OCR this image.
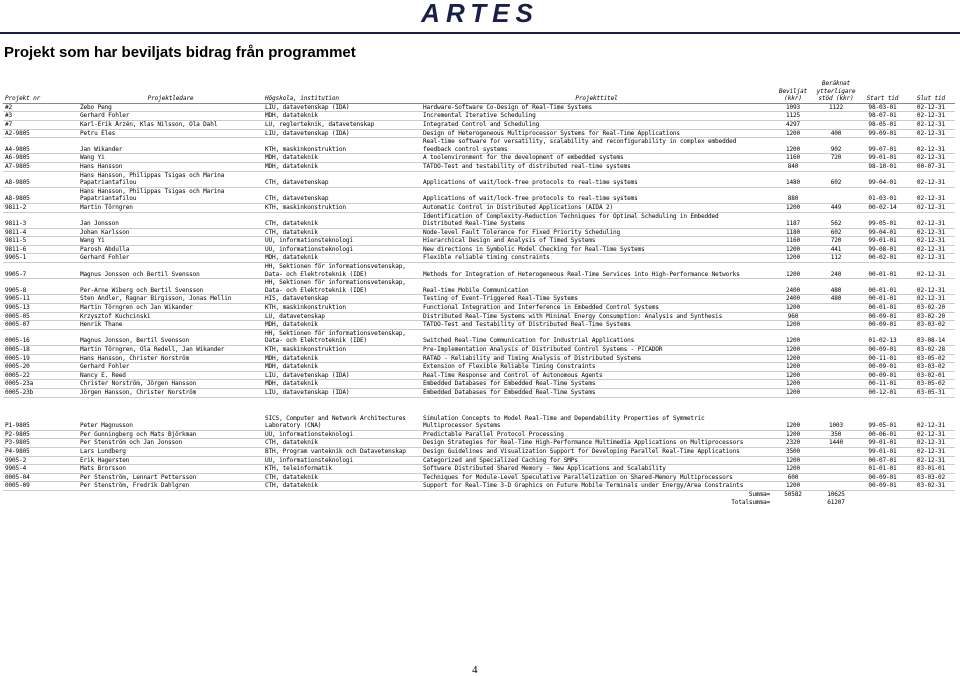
ARTES
Projekt som har beviljats bidrag från programmet
Projekt nr	Projektledare	Högskola, institution	Projekttitel	Beviljat (kkr)	Beräknat ytterligare stöd (kkr)	Start tid	Slut tid
#2	Zebo Peng	LIU, datavetenskap (IDA)	Hardware-Software Co-Design of Real-Time Systems	1093	1122	98-03-01	02-12-31
#3	Gerhard Fohler	MDH, datateknik	Incremental Iterative Scheduling	1125		98-07-01	02-12-31
#7	Karl-Erik Årzén, Klas Nilsson, Ola Dahl	LU, reglerteknik, datavetenskap	Integrated Control and Scheduling	4297		98-05-01	02-12-31
A2-9805	Petru Eles	LIU, datavetenskap (IDA)	Design of Heterogeneous Multiprocessor Systems for Real-Time Applications	1200	400	99-09-01	02-12-31
A4-9805	Jan Wikander	KTH, maskinkonstruktion	Real-time software for versatility, scalability and reconfigurability in complex embedded
feedback control systems	1200	902	99-07-01	02-12-31
A6-9805	Wang Yi	MDH, datateknik	A toolenvironment for the development of embedded systems	1160	720	99-01-01	02-12-31
A7-9805	Hans Hansson	MDH, datateknik	TATOO-Test and testability of distributed real-time systems	840		98-10-01	00-07-31
A8-9805	Hans Hansson, Philippas Tsigas och Marina
Papatriantafilou	CTH, datavetenskap	Applications of wait/lock-free protocols to real-time systems	1480	602	99-04-01	02-12-31
A8-9805	Hans Hansson, Philippas Tsigas och Marina
Papatriantafilou	CTH, datavetenskap	Applications of wait/lock-free protocols to real-time systems	880		01-03-01	02-12-31
9811-2	Martin Törngren	KTH, maskinkonstruktion	Automatic Control in Distributed Applications (AIDA 2)	1200	449	00-02-14	02-12-31
9811-3	Jan Jonsson	CTH, datateknik	Identification of Complexity-Reduction Techniques for Optimal Scheduling in Embedded
Distributed Real-Time Systems	1187	562	99-05-01	02-12-31
9811-4	Johan Karlsson	CTH, datateknik	Node-level Fault Tolerance for Fixed Priority Scheduling	1180	602	99-04-01	02-12-31
9811-5	Wang Yi	UU, informationsteknologi	Hierarchical Design and Analysis of Timed Systems	1160	720	99-01-01	02-12-31
9811-6	Parosh Abdulla	UU, informationsteknologi	New directions in Symbolic Model Checking for Real-Time Systems	1200	441	99-08-01	02-12-31
9905-1	Gerhard Fohler	MDH, datateknik	Flexible reliable timing constraints	1200	112	00-02-01	02-12-31
9905-7	Magnus Jonsson och Bertil Svensson	HH, Sektionen för informationsvetenskap,
Data- och Elektroteknik (IDE)	Methods for Integration of Heterogeneous Real-Time Services into High-Performance Networks	1200	240	00-01-01	02-12-31
9905-8	Per-Arne Wiberg och Bertil Svensson	HH, Sektionen för informationsvetenskap,
Data- och Elektroteknik (IDE)	Real-time Mobile Communication	2400	480	00-01-01	02-12-31
9905-11	Sten Andler, Ragnar Birgisson, Jonas Mellin	HIS, datavetenskap	Testing of Event-Triggered Real-Time Systems	2400	480	00-01-01	02-12-31
9905-13	Martin Törngren och Jan Wikander	KTH, maskinkonstruktion	Functional Integration and Interference in Embedded Control Systems	1200		00-01-01	03-02-20
0005-05	Krzysztof Kuchcinski	LU, datavetenskap	Distributed Real-Time Systems with Minimal Energy Consumption: Analysis and Synthesis	960		00-09-01	03-02-20
0005-07	Henrik Thane	MDH, datateknik	TATOO-Test and Testability of Distributed Real-Time Systems	1200		00-09-01	03-03-02
0005-16	Magnus Jonsson, Bertil Svensson	HH, Sektionen för informationsvetenskap,
Data- och Elektroteknik (IDE)	Switched Real-Time Communication for Industrial Applications	1200		01-02-13	03-08-14
0005-18	Martin Törngren, Ola Redell, Jan Wikander	KTH, maskinkonstruktion	Pre-Implementation Analysis of Distributed Control Systems - PICADOR	1200		00-09-01	03-02-28
0005-19	Hans Hansson, Christer Norström	MDH, datateknik	RATAD - Reliability and Timing Analysis of Distributed Systems	1200		00-11-01	03-05-02
0005-20	Gerhard Fohler	MDH, datateknik	Extension of Flexible Reliable Timing Constraints	1200		00-09-01	03-03-02
0005-22	Nancy E. Reed	LIU, datavetenskap (IDA)	Real-Time Response and Control of Autonomous Agents	1200		00-09-01	03-02-01
0005-23a	Christer Norström, Jörgen Hansson	MDH, datateknik	Embedded Databases for Embedded Real-Time Systems	1200		00-11-01	03-05-02
0005-23b	Jörgen Hansson, Christer Norström	LIU, datavetenskap (IDA)	Embedded Databases for Embedded Real-Time Systems	1200		00-12-01	03-05-31

P1-9805	Peter Magnusson	SICS, Computer and Network Architectures
Laboratory (CNA)	Simulation Concepts to Model Real-Time and Dependability Properties of Symmetric
Multiprocessor Systems	1200	1003	99-05-01	02-12-31
P2-9805	Per Gunningberg och Mats Björkman	UU, informationsteknologi	Predictable Parallel Protocol Processing	1200	350	00-06-01	02-12-31
P3-9805	Per Stenström och Jan Jonsson	CTH, datateknik	Design Strategies for Real-Time High-Performance Multimedia Applications on Multiprocessors	2320	1440	99-01-01	02-12-31
P4-9805	Lars Lundberg	BTH, Program vanteknik och Datavetenskap	Design Guidelines and Visualization Support for Developing Parallel Real-Time Applications	3500		99-01-01	02-12-31
9905-2	Erik Hagersten	UU, informationsteknologi	Categorized and Specialized Caching for SMPs	1200		00-07-01	02-12-31
9905-4	Mats Brorsson	KTH, teleinformatik	Software Distributed Shared Memory - New Applications and Scalability	1200		01-01-01	03-01-01
0005-04	Per Stenström, Lennart Pettersson	CTH, datateknik	Techniques for Module-Level Speculative Parallelization on Shared-Memory Multiprocessors	600		00-09-01	03-03-02
0005-09	Per Stenström, Fredrik Dahlgren	CTH, datateknik	Support for Real-Time 3-D Graphics on Future Mobile Terminals under Energy/Area Constraints	1200		00-09-01	03-02-31
			Summa=	50582	10625		
			Totalsumma=		61207		
4
